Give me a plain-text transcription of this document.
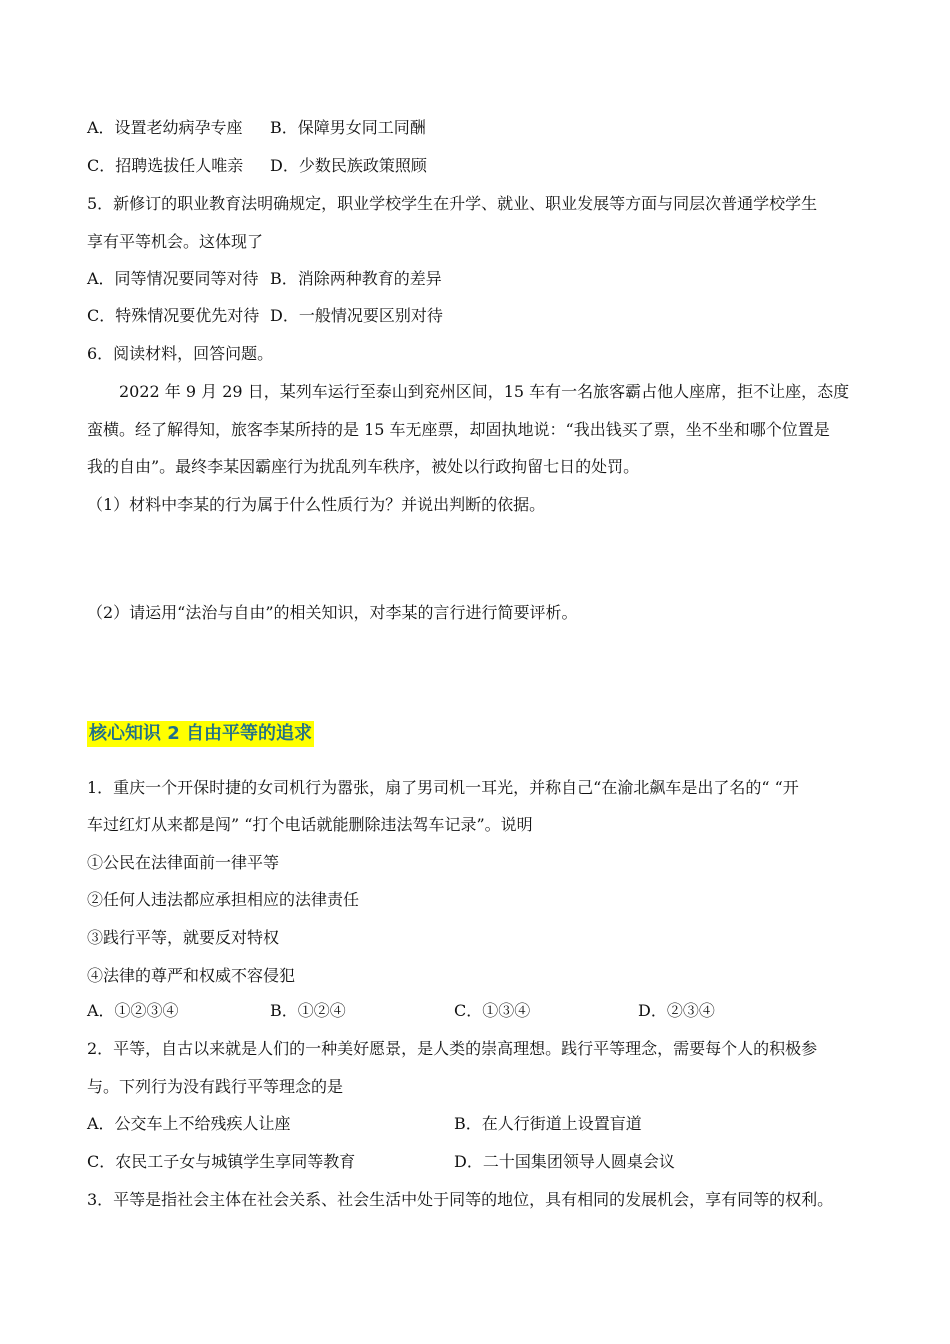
A．设置老幼病孕专座 B．保障男女同工同酬
C．招聘选拔任人唯亲 D．少数民族政策照顾
5．新修订的职业教育法明确规定，职业学校学生在升学、就业、职业发展等方面与同层次普通学校学生
享有平等机会。这体现了
A．同等情况要同等对待 B．消除两种教育的差异
C．特殊情况要优先对待 D．一般情况要区别对待
6．阅读材料，回答问题。
2022 年 9 月 29 日，某列车运行至泰山到兖州区间，15 车有一名旅客霸占他人座席，拒不让座，态度
蛮横。经了解得知，旅客李某所持的是 15 车无座票，却固执地说：“我出钱买了票，坐不坐和哪个位置是
我的自由”。最终李某因霸座行为扰乱列车秩序，被处以行政拘留七日的处罚。
（1）材料中李某的行为属于什么性质行为？并说出判断的依据。
（2）请运用“法治与自由”的相关知识，对李某的言行进行简要评析。
核心知识 2 自由平等的追求
1．重庆一个开保时捷的女司机行为嚣张，扇了男司机一耳光，并称自己“在渝北飙车是出了名的“ “开
车过红灯从来都是闯” “打个电话就能删除违法驾车记录”。说明
①公民在法律面前一律平等
②任何人违法都应承担相应的法律责任
③践行平等，就要反对特权
④法律的尊严和权威不容侵犯
A．①②③④	B．①②④	C．①③④	D．②③④
2．平等，自古以来就是人们的一种美好愿景，是人类的崇高理想。践行平等理念，需要每个人的积极参
与。下列行为没有践行平等理念的是
A．公交车上不给残疾人让座	B．在人行街道上设置盲道
C．农民工子女与城镇学生享同等教育	D．二十国集团领导人圆桌会议
3．平等是指社会主体在社会关系、社会生活中处于同等的地位，具有相同的发展机会，享有同等的权利。
